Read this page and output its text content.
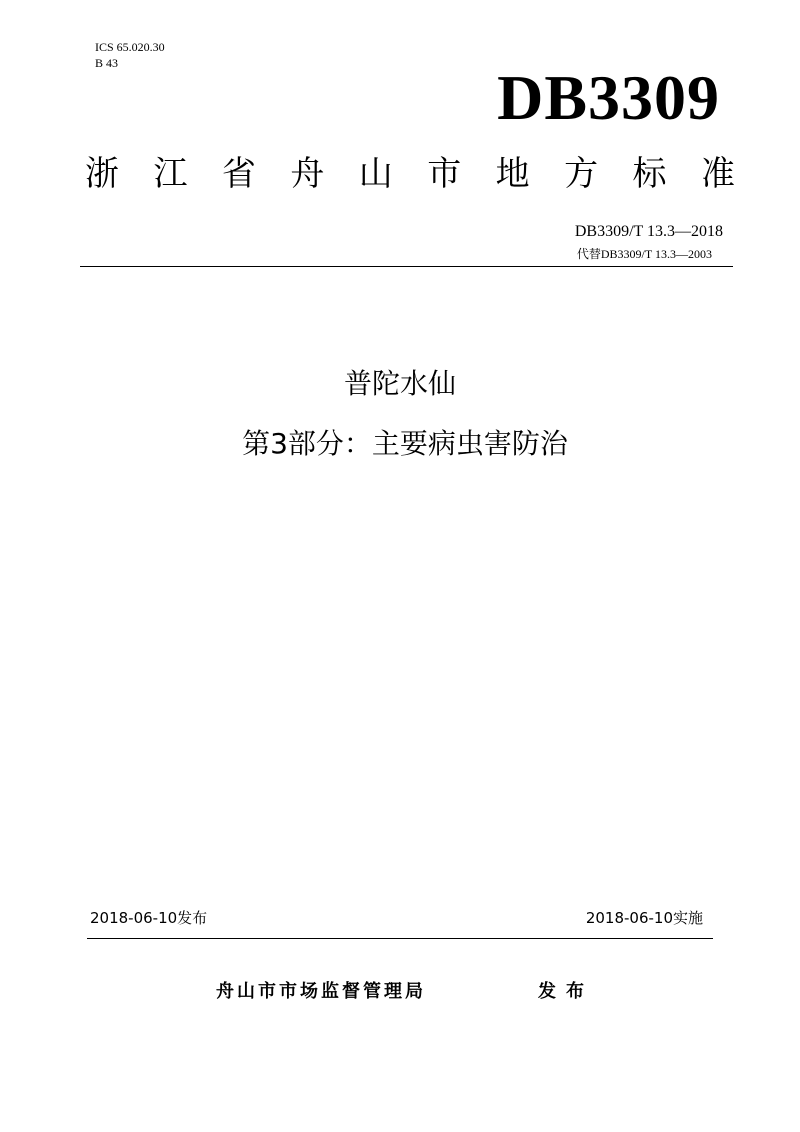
ICS 65.020.30
B 43	DB3309
浙 江 省 舟 山 市 地 方 标 准
DB3309/T 13.3—2018
代替DB3309/T 13.3—2003
普陀水仙
第3部分：主要病虫害防治
2018-06-10发布	2018-06-10实施
舟山市市场监督管理局	发布
